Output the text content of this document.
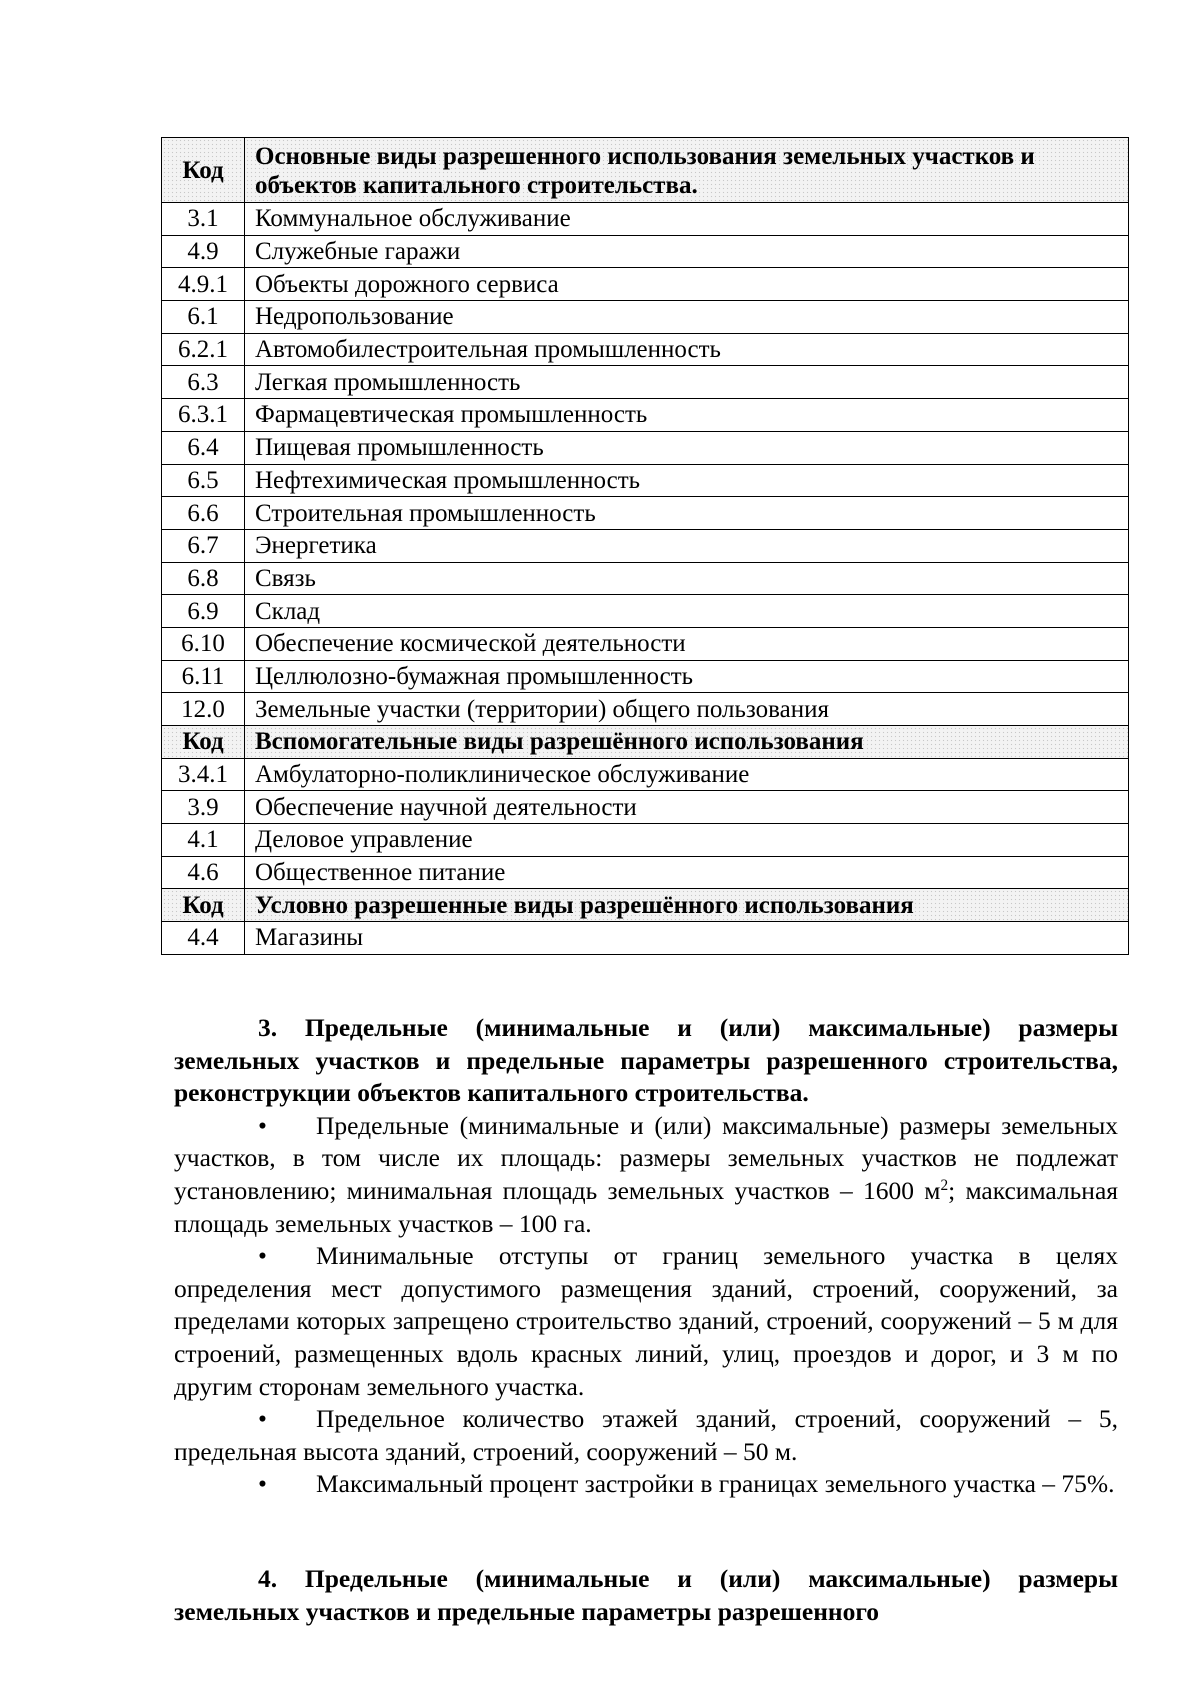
Код	Основные виды разрешенного использования земельных участков и объектов капитального строительства.
3.1	Коммунальное обслуживание
4.9	Служебные гаражи
4.9.1	Объекты дорожного сервиса
6.1	Недропользование
6.2.1	Автомобилестроительная промышленность
6.3	Легкая промышленность
6.3.1	Фармацевтическая промышленность
6.4	Пищевая промышленность
6.5	Нефтехимическая промышленность
6.6	Строительная промышленность
6.7	Энергетика
6.8	Связь
6.9	Склад
6.10	Обеспечение космической деятельности
6.11	Целлюлозно-бумажная промышленность
12.0	Земельные участки (территории) общего пользования
Код	Вспомогательные виды разрешённого использования
3.4.1	Амбулаторно-поликлиническое обслуживание
3.9	Обеспечение научной деятельности
4.1	Деловое управление
4.6	Общественное питание
Код	Условно разрешенные виды разрешённого использования
4.4	Магазины

3. Предельные (минимальные и (или) максимальные) размеры земельных участков и предельные параметры разрешенного строительства, реконструкции объектов капитального строительства.

• Предельные (минимальные и (или) максимальные) размеры земельных участков, в том числе их площадь: размеры земельных участков не подлежат установлению; минимальная площадь земельных участков – 1600 $м^2$; максимальная площадь земельных участков – 100 га.

• Минимальные отступы от границ земельного участка в целях определения мест допустимого размещения зданий, строений, сооружений, за пределами которых запрещено строительство зданий, строений, сооружений – 5 м для строений, размещенных вдоль красных линий, улиц, проездов и дорог, и 3 м по другим сторонам земельного участка.

• Предельное количество этажей зданий, строений, сооружений – 5, предельная высота зданий, строений, сооружений – 50 м.

• Максимальный процент застройки в границах земельного участка – 75%.

4. Предельные (минимальные и (или) максимальные) размеры земельных участков и предельные параметры разрешенного
